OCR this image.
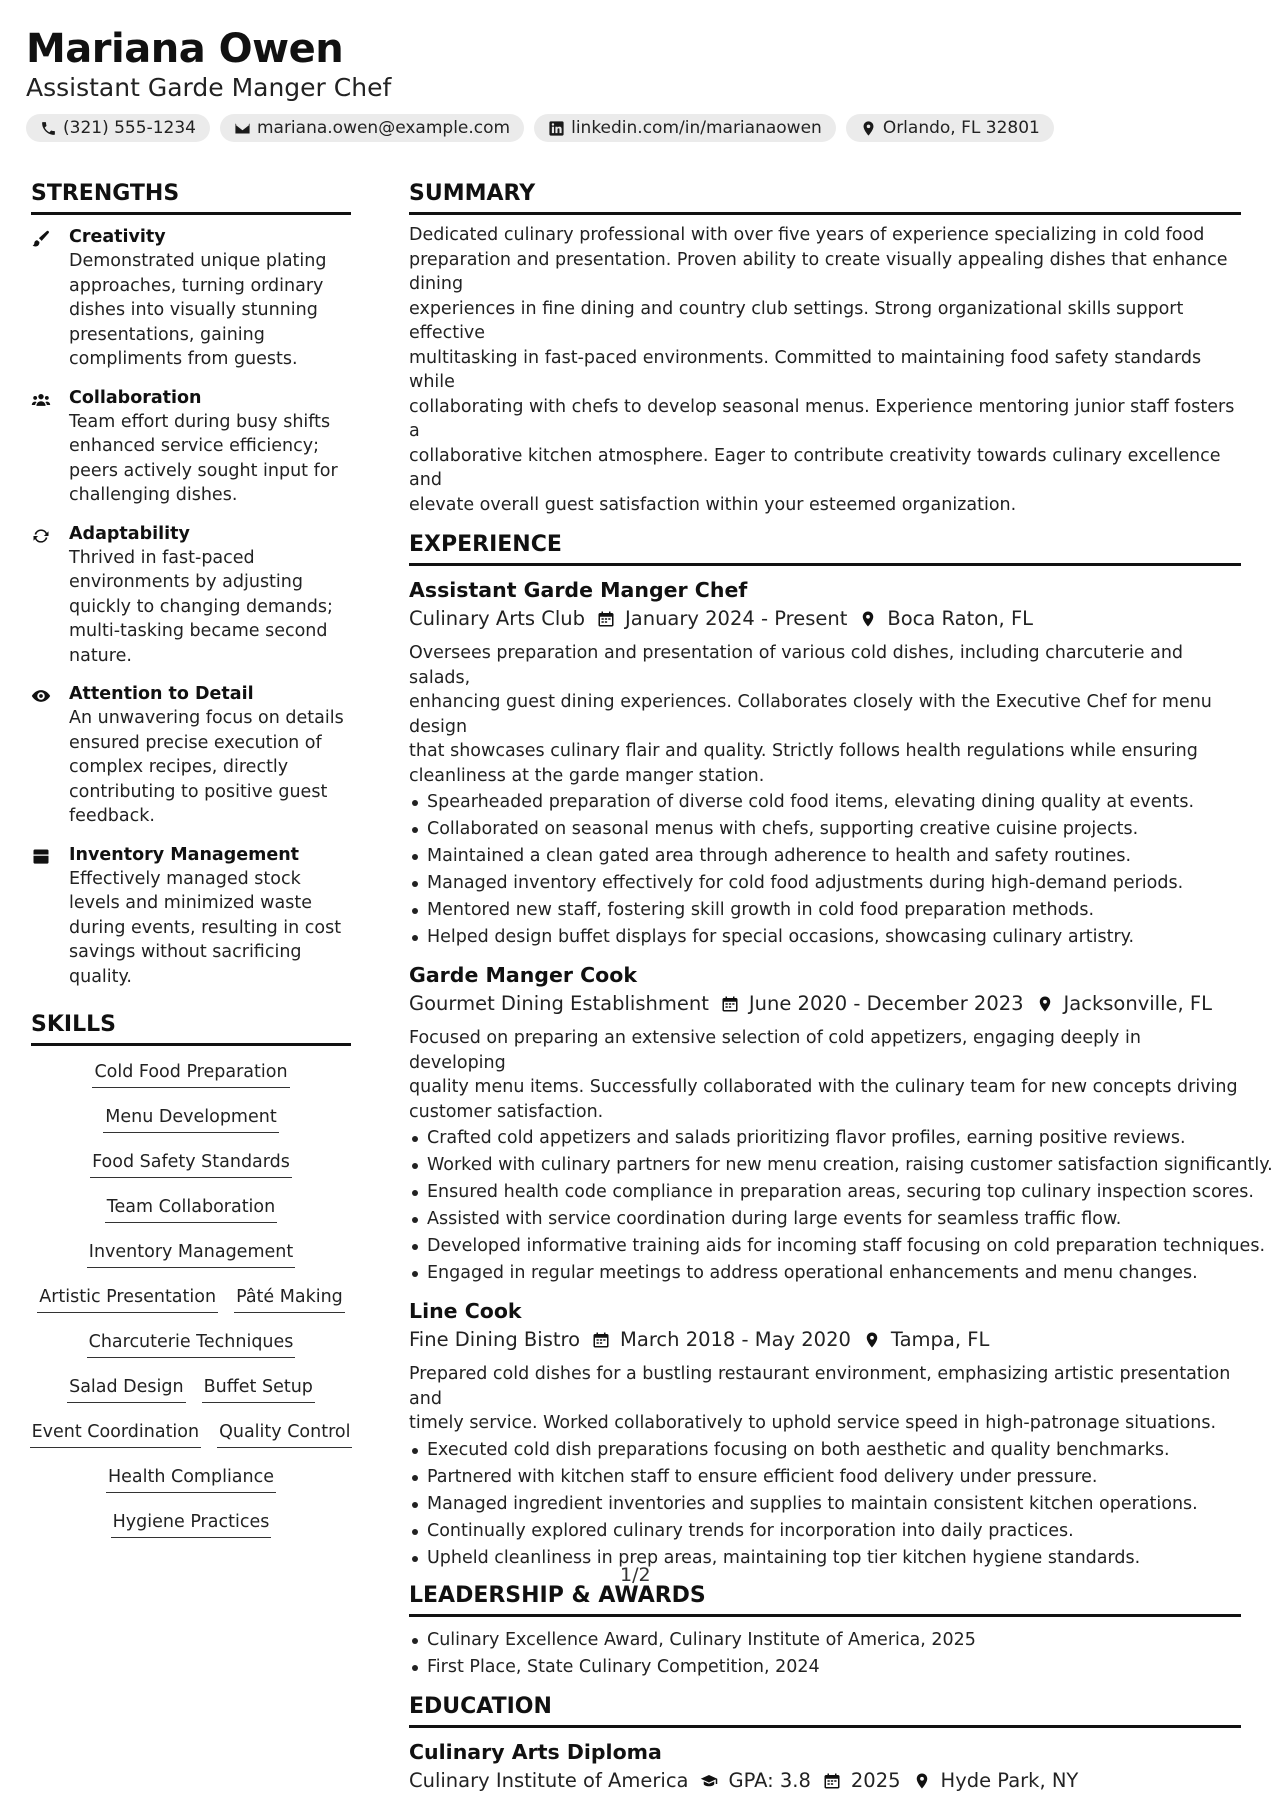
Mariana Owen
Assistant Garde Manger Chef
(321) 555-1234	mariana.owen@example.com	linkedin.com/in/marianaowen	Orlando, FL 32801
STRENGTHS
Creativity
Demonstrated unique plating approaches, turning ordinary dishes into visually stunning presentations, gaining compliments from guests.
Collaboration
Team effort during busy shifts enhanced service efficiency; peers actively sought input for challenging dishes.
Adaptability
Thrived in fast-paced environments by adjusting quickly to changing demands; multi-tasking became second nature.
Attention to Detail
An unwavering focus on details ensured precise execution of complex recipes, directly contributing to positive guest feedback.
Inventory Management
Effectively managed stock levels and minimized waste during events, resulting in cost savings without sacrificing quality.
SKILLS
Cold Food Preparation
Menu Development
Food Safety Standards
Team Collaboration
Inventory Management
Artistic Presentation Pâté Making
Charcuterie Techniques
Salad Design Buffet Setup
Event Coordination Quality Control
Health Compliance
Hygiene Practices
SUMMARY
Dedicated culinary professional with over five years of experience specializing in cold food
preparation and presentation. Proven ability to create visually appealing dishes that enhance dining
experiences in fine dining and country club settings. Strong organizational skills support effective
multitasking in fast-paced environments. Committed to maintaining food safety standards while
collaborating with chefs to develop seasonal menus. Experience mentoring junior staff fosters a
collaborative kitchen atmosphere. Eager to contribute creativity towards culinary excellence and
elevate overall guest satisfaction within your esteemed organization.
EXPERIENCE
Assistant Garde Manger Chef
Culinary Arts Club January 2024 - Present Boca Raton, FL
Oversees preparation and presentation of various cold dishes, including charcuterie and salads,
enhancing guest dining experiences. Collaborates closely with the Executive Chef for menu design
that showcases culinary flair and quality. Strictly follows health regulations while ensuring
cleanliness at the garde manger station.
Spearheaded preparation of diverse cold food items, elevating dining quality at events.
Collaborated on seasonal menus with chefs, supporting creative cuisine projects.
Maintained a clean gated area through adherence to health and safety routines.
Managed inventory effectively for cold food adjustments during high-demand periods.
Mentored new staff, fostering skill growth in cold food preparation methods.
Helped design buffet displays for special occasions, showcasing culinary artistry.
Garde Manger Cook
Gourmet Dining Establishment June 2020 - December 2023 Jacksonville, FL
Focused on preparing an extensive selection of cold appetizers, engaging deeply in developing
quality menu items. Successfully collaborated with the culinary team for new concepts driving
customer satisfaction.
Crafted cold appetizers and salads prioritizing flavor profiles, earning positive reviews.
Worked with culinary partners for new menu creation, raising customer satisfaction significantly.
Ensured health code compliance in preparation areas, securing top culinary inspection scores.
Assisted with service coordination during large events for seamless traffic flow.
Developed informative training aids for incoming staff focusing on cold preparation techniques.
Engaged in regular meetings to address operational enhancements and menu changes.
Line Cook
Fine Dining Bistro March 2018 - May 2020 Tampa, FL
Prepared cold dishes for a bustling restaurant environment, emphasizing artistic presentation and
timely service. Worked collaboratively to uphold service speed in high-patronage situations.
Executed cold dish preparations focusing on both aesthetic and quality benchmarks.
Partnered with kitchen staff to ensure efficient food delivery under pressure.
Managed ingredient inventories and supplies to maintain consistent kitchen operations.
Continually explored culinary trends for incorporation into daily practices.
Upheld cleanliness in prep areas, maintaining top tier kitchen hygiene standards.
LEADERSHIP & AWARDS
Culinary Excellence Award, Culinary Institute of America, 2025
First Place, State Culinary Competition, 2024
EDUCATION
Culinary Arts Diploma
Culinary Institute of America GPA: 3.8 2025 Hyde Park, NY
1/2
